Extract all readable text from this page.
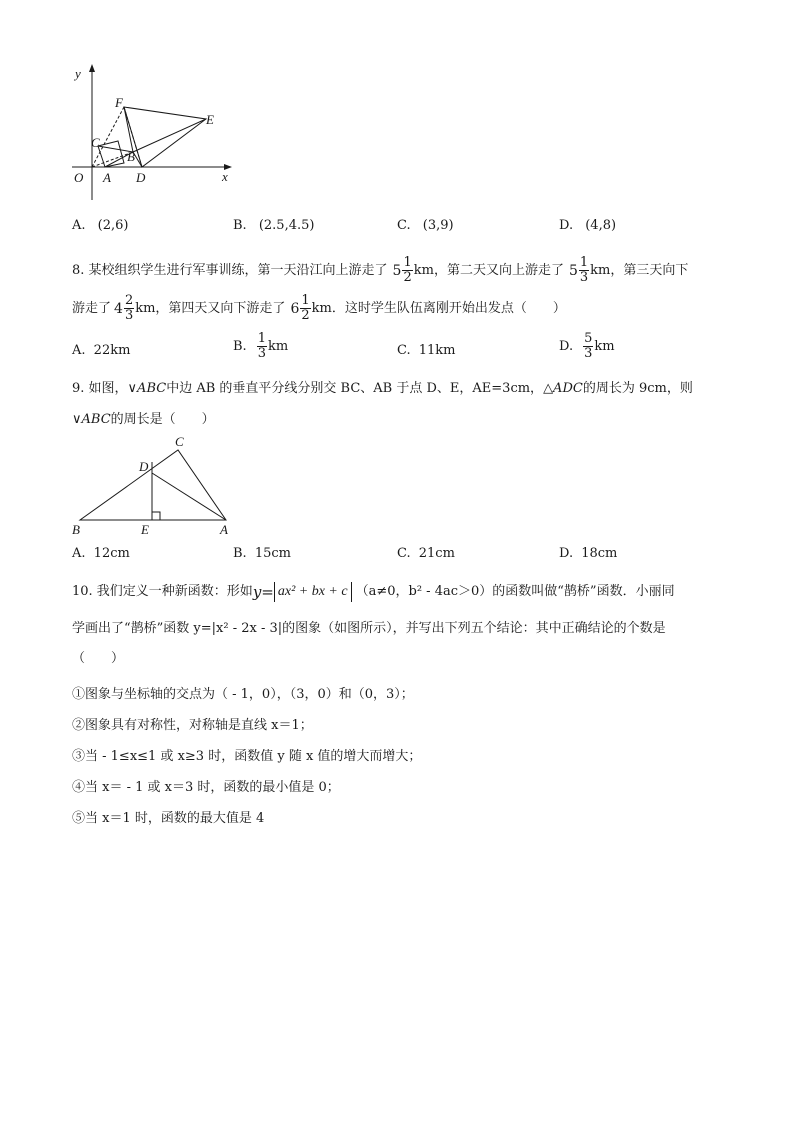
y
x
O A D
C
B
F
E
A. (2,6)	B. (2.5,4.5)	C. (3,9)	D. (4,8)
8. 某校组织学生进行军事训练，第一天沿江向上游走了 $5 \frac{1}{2}$ km，第二天又向上游走了 $5 \frac{1}{3}$ km，第三天向下
游走了 $4 \frac{2}{3}$ km，第四天又向下游走了 $6 \frac{1}{2}$ km．这时学生队伍离刚开始出发点（　　）
A. 22km	B. $\frac{1}{3}$ km	C. 11km	D. $\frac{5}{3}$ km
9. 如图，∨ABC中边 AB 的垂直平分线分别交 BC、AB 于点 D、E，AE=3cm，△ADC的周长为 9cm，则
∨ABC的周长是（　　）
C
D
B	E	A
A. 12cm	B. 15cm	C. 21cm	D. 18cm
10. 我们定义一种新函数：形如 y= ax² + bx + c （a≠0，b² - 4ac＞0）的函数叫做“鹊桥”函数．小丽同
学画出了“鹊桥”函数 y=|x² - 2x - 3|的图象（如图所示），并写出下列五个结论：其中正确结论的个数是
（　　）
①图象与坐标轴的交点为（ - 1，0），（3，0）和（0，3）；
②图象具有对称性，对称轴是直线 x＝1；
③当 - 1≤x≤1 或 x≥3 时，函数值 y 随 x 值的增大而增大；
④当 x＝ - 1 或 x＝3 时，函数的最小值是 0；
⑤当 x＝1 时，函数的最大值是 4
